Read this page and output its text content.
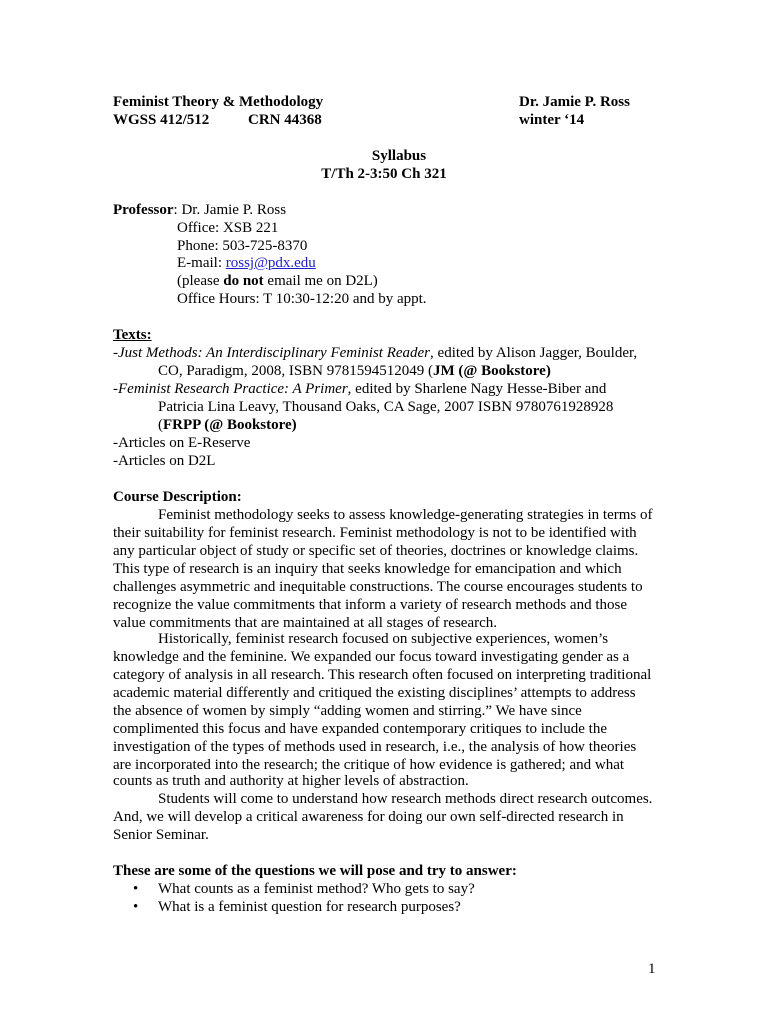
Feminist Theory & Methodology	Dr. Jamie P. Ross
WGSS 412/512	CRN 44368	winter ‘14
Syllabus
T/Th 2-3:50 Ch 321
Professor: Dr. Jamie P. Ross
Office: XSB 221
Phone: 503-725-8370
E-mail: rossj@pdx.edu
(please do not email me on D2L)
Office Hours: T 10:30-12:20 and by appt.
Texts:
-Just Methods: An Interdisciplinary Feminist Reader, edited by Alison Jagger, Boulder,
CO, Paradigm, 2008, ISBN 9781594512049 (JM (@ Bookstore)
-Feminist Research Practice: A Primer, edited by Sharlene Nagy Hesse-Biber and
Patricia Lina Leavy, Thousand Oaks, CA Sage, 2007 ISBN 9780761928928
(FRPP (@ Bookstore)
-Articles on E-Reserve
-Articles on D2L
Course Description:
Feminist methodology seeks to assess knowledge-generating strategies in terms of
their suitability for feminist research. Feminist methodology is not to be identified with
any particular object of study or specific set of theories, doctrines or knowledge claims.
This type of research is an inquiry that seeks knowledge for emancipation and which
challenges asymmetric and inequitable constructions. The course encourages students to
recognize the value commitments that inform a variety of research methods and those
value commitments that are maintained at all stages of research.
Historically, feminist research focused on subjective experiences, women’s
knowledge and the feminine. We expanded our focus toward investigating gender as a
category of analysis in all research. This research often focused on interpreting traditional
academic material differently and critiqued the existing disciplines’ attempts to address
the absence of women by simply “adding women and stirring.” We have since
complimented this focus and have expanded contemporary critiques to include the
investigation of the types of methods used in research, i.e., the analysis of how theories
are incorporated into the research; the critique of how evidence is gathered; and what
counts as truth and authority at higher levels of abstraction.
Students will come to understand how research methods direct research outcomes.
And, we will develop a critical awareness for doing our own self-directed research in
Senior Seminar.
These are some of the questions we will pose and try to answer:
• What counts as a feminist method? Who gets to say?
• What is a feminist question for research purposes?
1
